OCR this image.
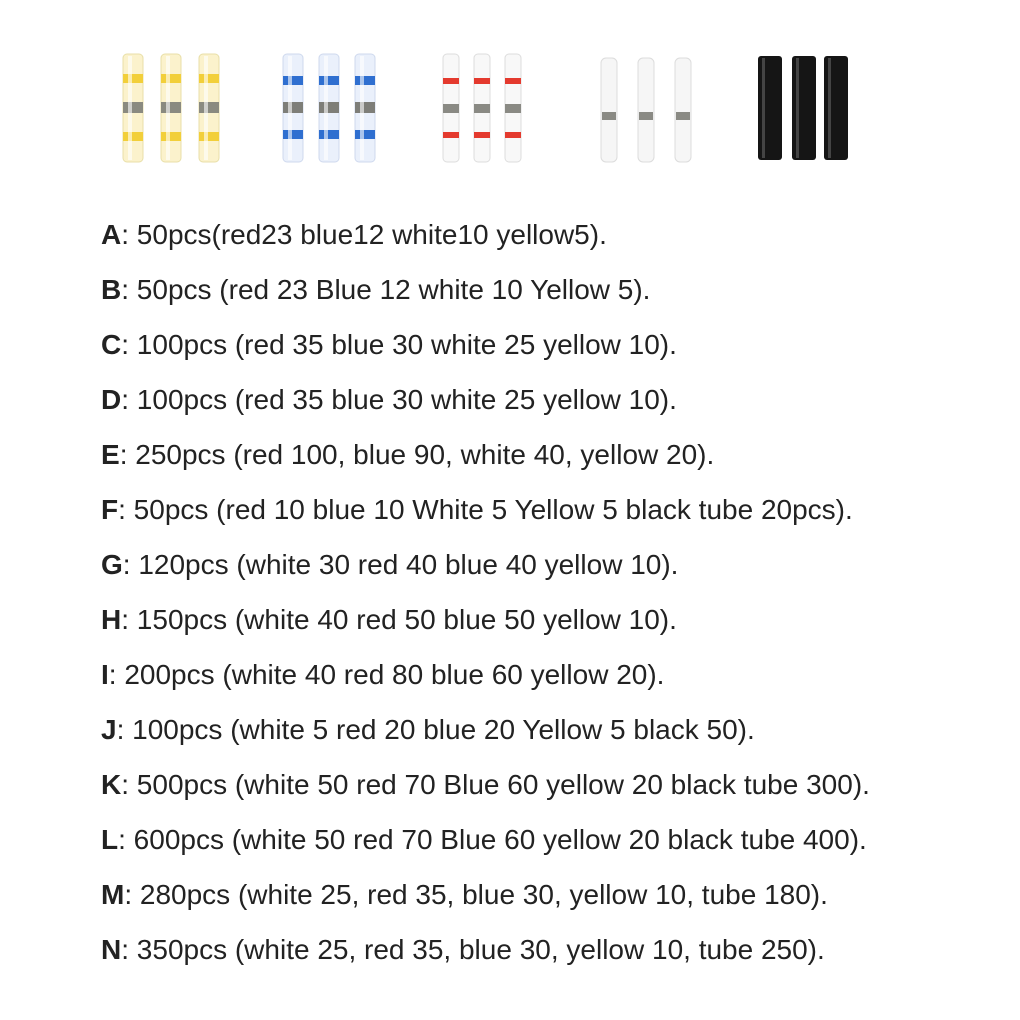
A: 50pcs(red23 blue12 white10 yellow5).
B: 50pcs (red 23 Blue 12 white 10 Yellow 5).
C: 100pcs (red 35 blue 30 white 25 yellow 10).
D: 100pcs (red 35 blue 30 white 25 yellow 10).
E: 250pcs (red 100, blue 90, white 40, yellow 20).
F: 50pcs (red 10 blue 10 White 5 Yellow 5 black tube 20pcs).
G: 120pcs (white 30 red 40 blue 40 yellow 10).
H: 150pcs (white 40 red 50 blue 50 yellow 10).
I: 200pcs (white 40 red 80 blue 60 yellow 20).
J: 100pcs (white 5 red 20 blue 20 Yellow 5 black 50).
K: 500pcs (white 50 red 70 Blue 60 yellow 20 black tube 300).
L: 600pcs (white 50 red 70 Blue 60 yellow 20 black tube 400).
M: 280pcs (white 25, red 35, blue 30, yellow 10, tube 180).
N: 350pcs (white 25, red 35, blue 30, yellow 10, tube 250).
